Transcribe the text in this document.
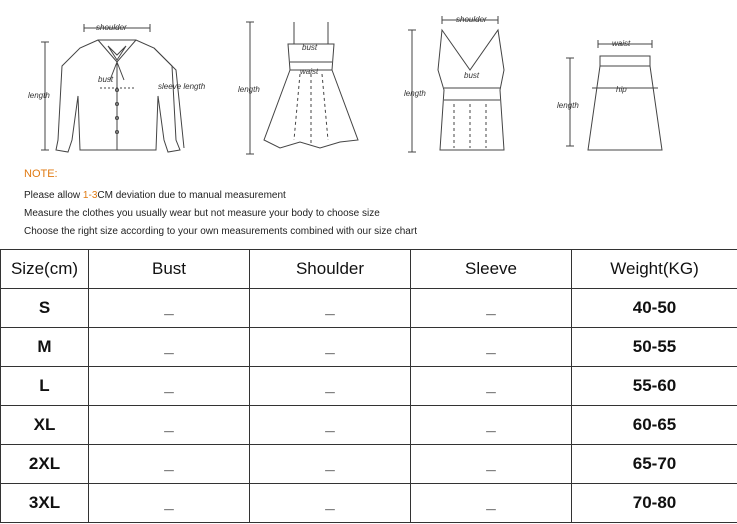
shoulder
bust
sleeve length
length
bust
waist
length
shoulder
bust
length
waist
hip
length
NOTE:
Please allow 1-3CM deviation due to manual measurement
Measure the clothes you usually wear but not measure your body to choose size
Choose the right size according to your own measurements combined with our size chart
Size(cm)	Bust	Shoulder	Sleeve	Weight(KG)
S	_	_	_	40-50
M	_	_	_	50-55
L	_	_	_	55-60
XL	_	_	_	60-65
2XL	_	_	_	65-70
3XL	_	_	_	70-80
